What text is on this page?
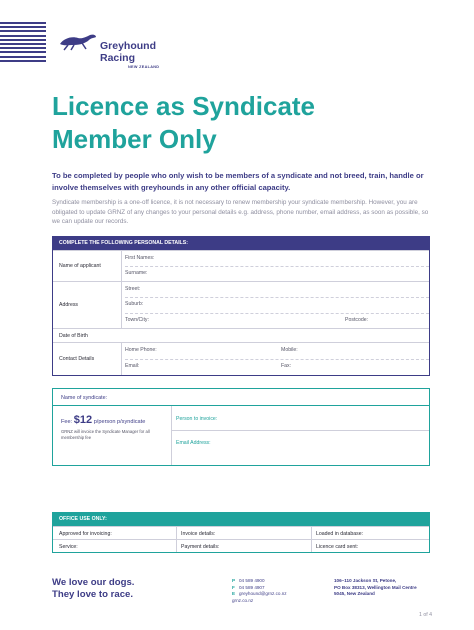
Greyhound
Racing
NEW ZEALAND
Licence as Syndicate
Member Only
To be completed by people who only wish to be members of a syndicate and not breed, train, handle or involve themselves with greyhounds in any other official capacity.
Syndicate membership is a one-off licence, it is not necessary to renew membership your syndicate membership. However, you are obligated to update GRNZ of any changes to your personal details e.g. address, phone number, email address, as soon as possible, so we can update our records.
COMPLETE THE FOLLOWING PERSONAL DETAILS:
Name of applicant
First Names:
Surname:
Address
Street:
Suburb:
Town/City:	Postcode:
Date of Birth
Contact Details
Home Phone:	Mobile:
Email:	Fax:
Name of syndicate:
Fee: $12 p/person p/syndicate
GRNZ will invoice the Syndicate Manager for all membership fee
Person to invoice:
Email Address:
OFFICE USE ONLY:
Approved for invoicing:	Invoice details:	Loaded in database:
Service:	Payment details:	Licence card sent:
We love our dogs.
They love to race.
P 04 589 4900
F 04 589 4907
E greyhound@grnz.co.nz
grnz.co.nz
106–110 Jackson St, Petone,
PO Box 38313, Wellington Mail Centre
5045, New Zealand
1 of 4
